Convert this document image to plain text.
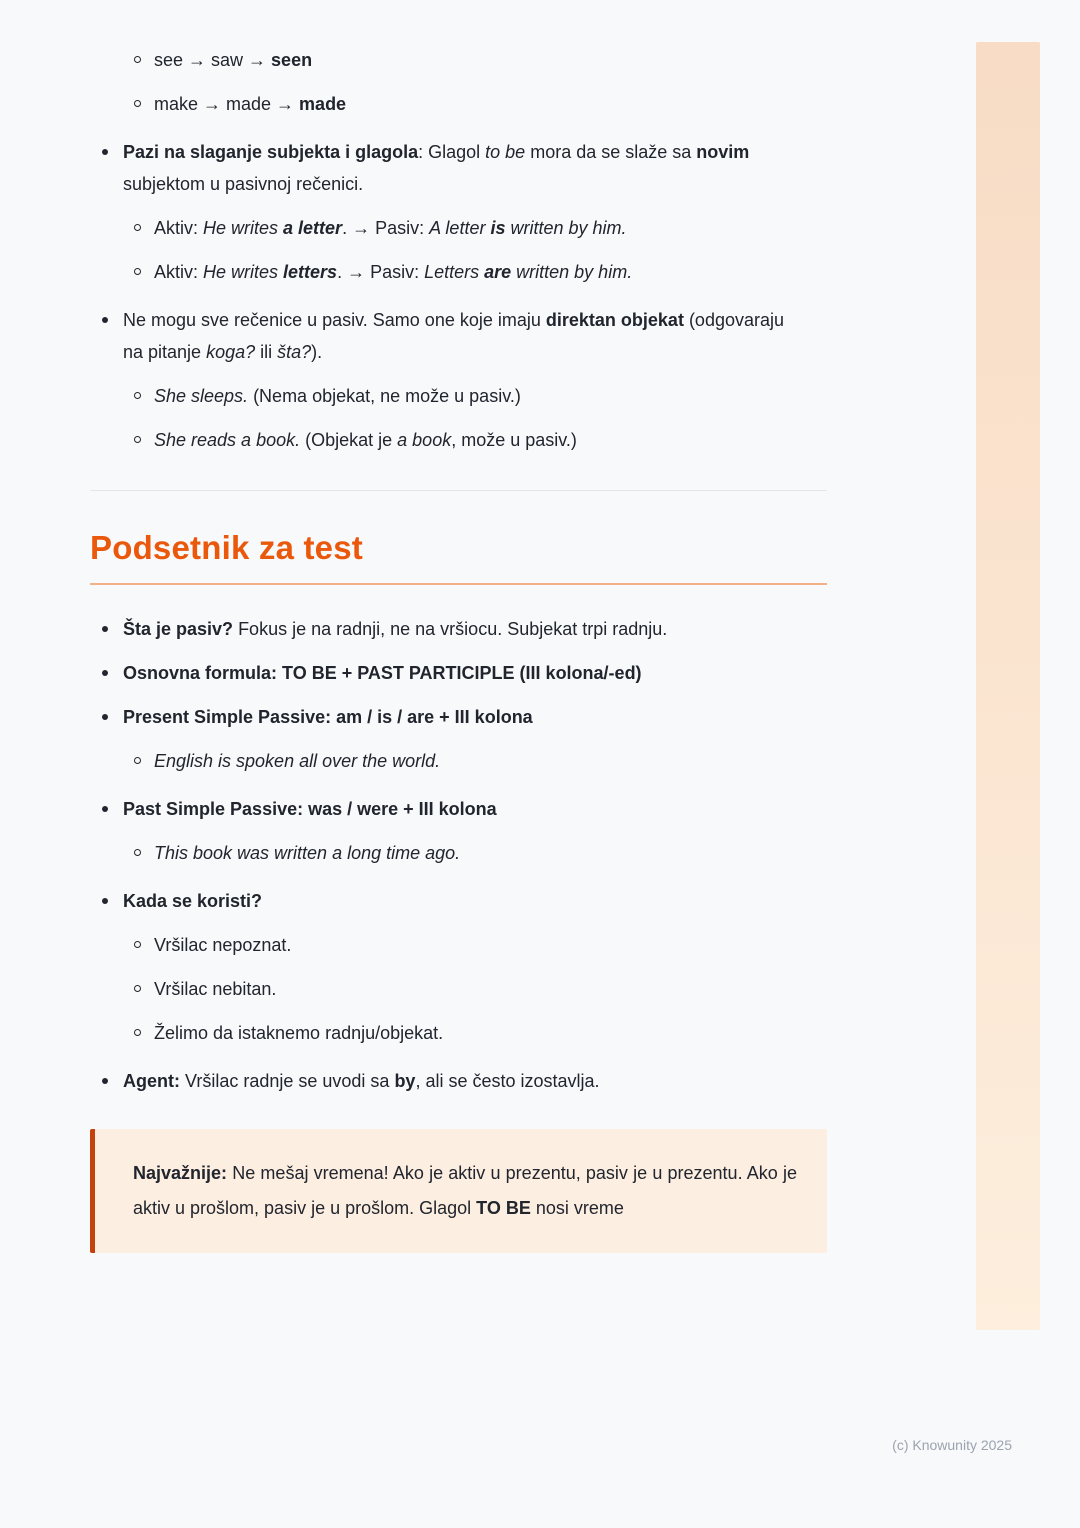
see → saw → seen
make → made → made
Pazi na slaganje subjekta i glagola: Glagol to be mora da se slaže sa novim subjektom u pasivnoj rečenici.
Aktiv: He writes a letter. → Pasiv: A letter is written by him.
Aktiv: He writes letters. → Pasiv: Letters are written by him.
Ne mogu sve rečenice u pasiv. Samo one koje imaju direktan objekat (odgovaraju na pitanje koga? ili šta?).
She sleeps. (Nema objekat, ne može u pasiv.)
She reads a book. (Objekat je a book, može u pasiv.)
Podsetnik za test
Šta je pasiv? Fokus je na radnji, ne na vršiocu. Subjekat trpi radnju.
Osnovna formula: TO BE + PAST PARTICIPLE (III kolona/-ed)
Present Simple Passive: am / is / are + III kolona
English is spoken all over the world.
Past Simple Passive: was / were + III kolona
This book was written a long time ago.
Kada se koristi?
Vršilac nepoznat.
Vršilac nebitan.
Želimo da istaknemo radnju/objekat.
Agent: Vršilac radnje se uvodi sa by, ali se često izostavlja.
Najvažnije: Ne mešaj vremena! Ako je aktiv u prezentu, pasiv je u prezentu. Ako je aktiv u prošlom, pasiv je u prošlom. Glagol TO BE nosi vreme
(c) Knowunity 2025
